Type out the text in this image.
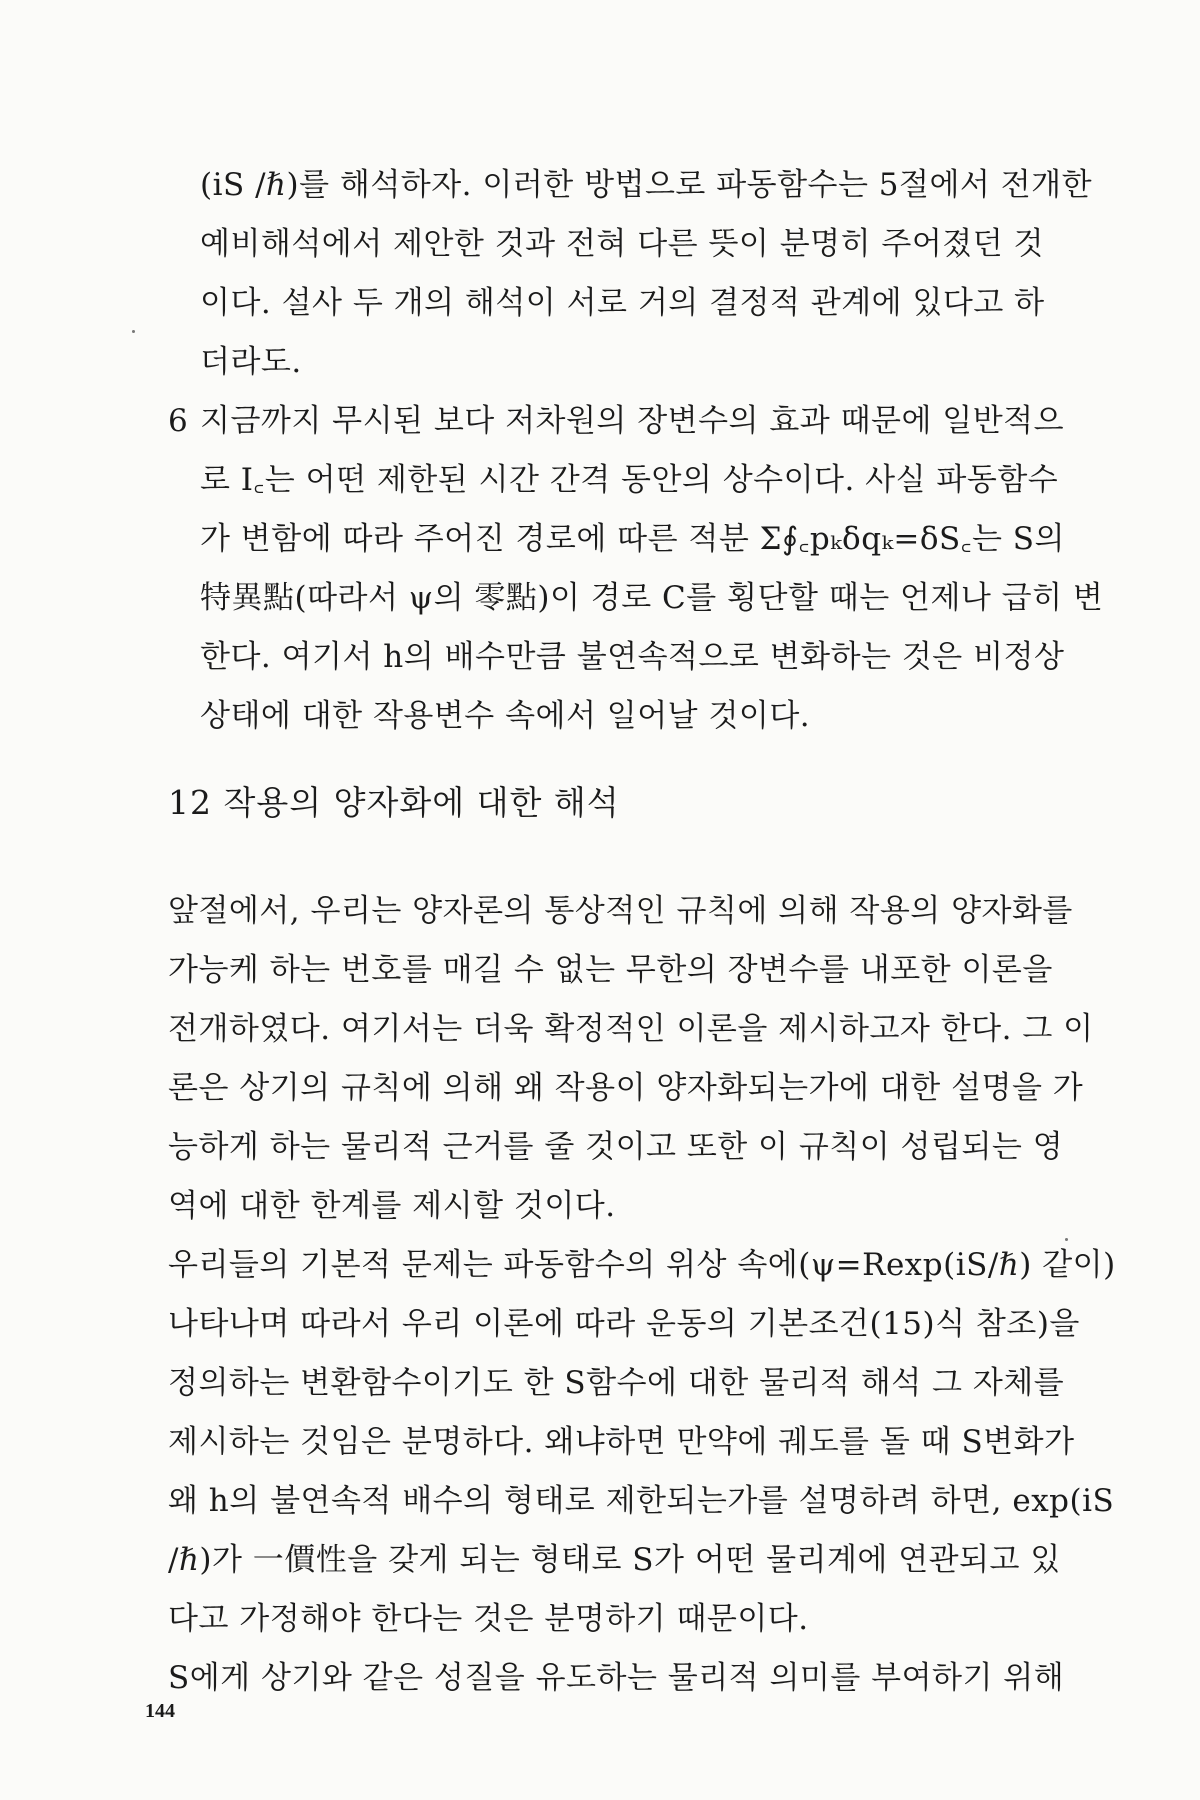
(iS /ℏ)를 해석하자. 이러한 방법으로 파동함수는 5절에서 전개한
예비해석에서 제안한 것과 전혀 다른 뜻이 분명히 주어졌던 것
이다. 설사 두 개의 해석이 서로 거의 결정적 관계에 있다고 하
더라도.
6 지금까지 무시된 보다 저차원의 장변수의 효과 때문에 일반적으
로 I꜀는 어떤 제한된 시간 간격 동안의 상수이다. 사실 파동함수
가 변함에 따라 주어진 경로에 따른 적분 Σ∮꜀pₖδqₖ=δS꜀는 S의
特異點(따라서 ψ의 零點)이 경로 C를 횡단할 때는 언제나 급히 변
한다. 여기서 h의 배수만큼 불연속적으로 변화하는 것은 비정상
상태에 대한 작용변수 속에서 일어날 것이다.
12 작용의 양자화에 대한 해석
앞절에서, 우리는 양자론의 통상적인 규칙에 의해 작용의 양자화를
가능케 하는 번호를 매길 수 없는 무한의 장변수를 내포한 이론을
전개하였다. 여기서는 더욱 확정적인 이론을 제시하고자 한다. 그 이
론은 상기의 규칙에 의해 왜 작용이 양자화되는가에 대한 설명을 가
능하게 하는 물리적 근거를 줄 것이고 또한 이 규칙이 성립되는 영
역에 대한 한계를 제시할 것이다.
우리들의 기본적 문제는 파동함수의 위상 속에(ψ=Rexp(iS/ℏ) 같이)
나타나며 따라서 우리 이론에 따라 운동의 기본조건(15)식 참조)을
정의하는 변환함수이기도 한 S함수에 대한 물리적 해석 그 자체를
제시하는 것임은 분명하다. 왜냐하면 만약에 궤도를 돌 때 S변화가
왜 h의 불연속적 배수의 형태로 제한되는가를 설명하려 하면, exp(iS
/ℏ)가 一價性을 갖게 되는 형태로 S가 어떤 물리계에 연관되고 있
다고 가정해야 한다는 것은 분명하기 때문이다.
S에게 상기와 같은 성질을 유도하는 물리적 의미를 부여하기 위해
144
